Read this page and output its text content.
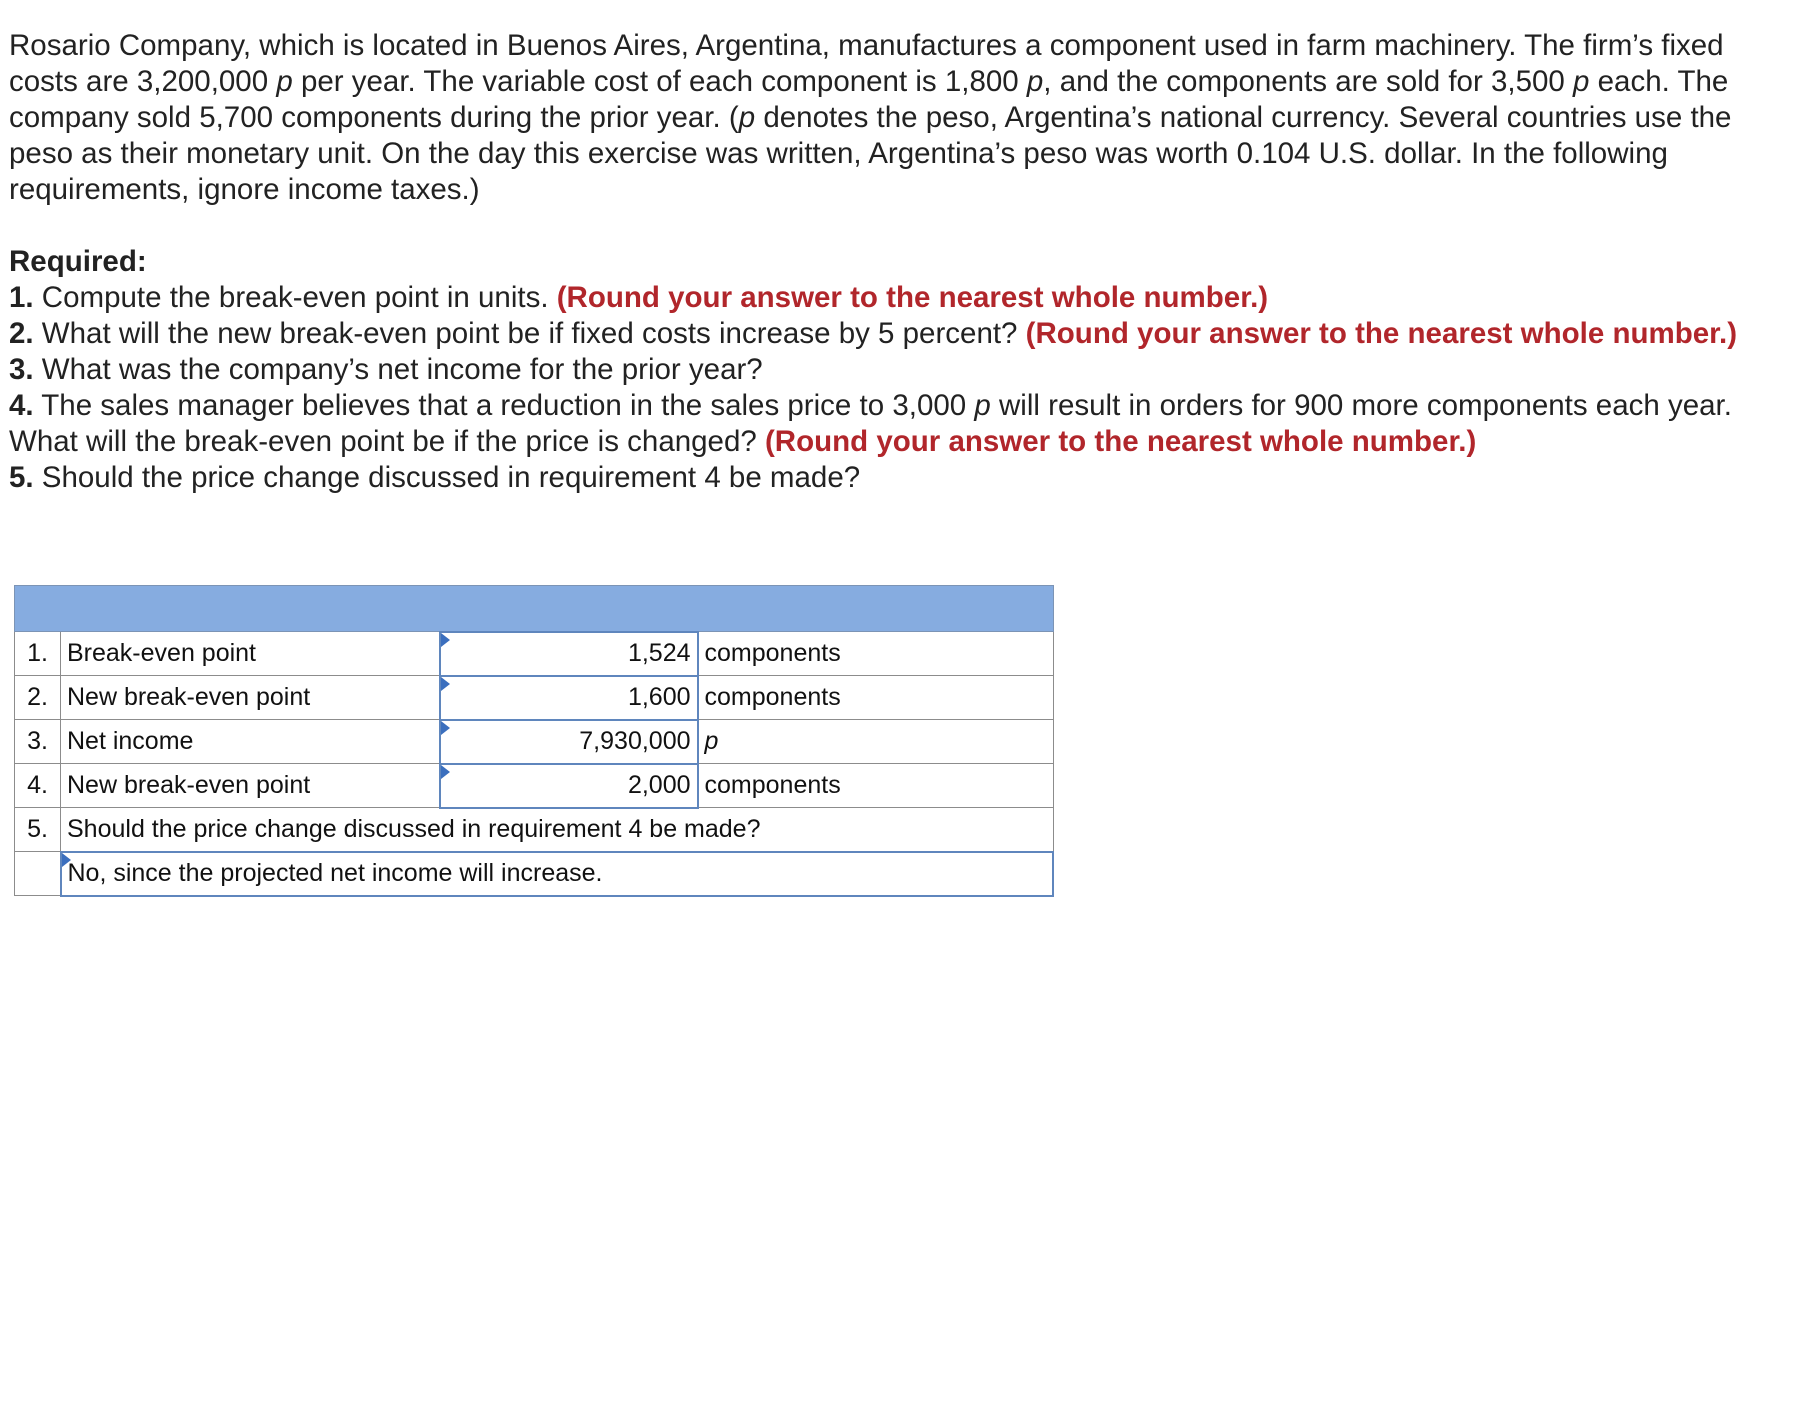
Rosario Company, which is located in Buenos Aires, Argentina, manufactures a component used in farm machinery. The firm’s fixed costs are 3,200,000 p per year. The variable cost of each component is 1,800 p, and the components are sold for 3,500 p each. The company sold 5,700 components during the prior year. (p denotes the peso, Argentina’s national currency. Several countries use the peso as their monetary unit. On the day this exercise was written, Argentina’s peso was worth 0.104 U.S. dollar. In the following requirements, ignore income taxes.)

Required:

1. Compute the break-even point in units. (Round your answer to the nearest whole number.)

2. What will the new break-even point be if fixed costs increase by 5 percent? (Round your answer to the nearest whole number.)

3. What was the company’s net income for the prior year?

4. The sales manager believes that a reduction in the sales price to 3,000 p will result in orders for 900 more components each year. What will the break-even point be if the price is changed? (Round your answer to the nearest whole number.)

5. Should the price change discussed in requirement 4 be made?

1.	Break-even point	1,524	components
2.	New break-even point	1,600	components
3.	Net income	7,930,000	p
4.	New break-even point	2,000	components
5.	Should the price change discussed in requirement 4 be made?		

No, since the projected net income will increase.		
